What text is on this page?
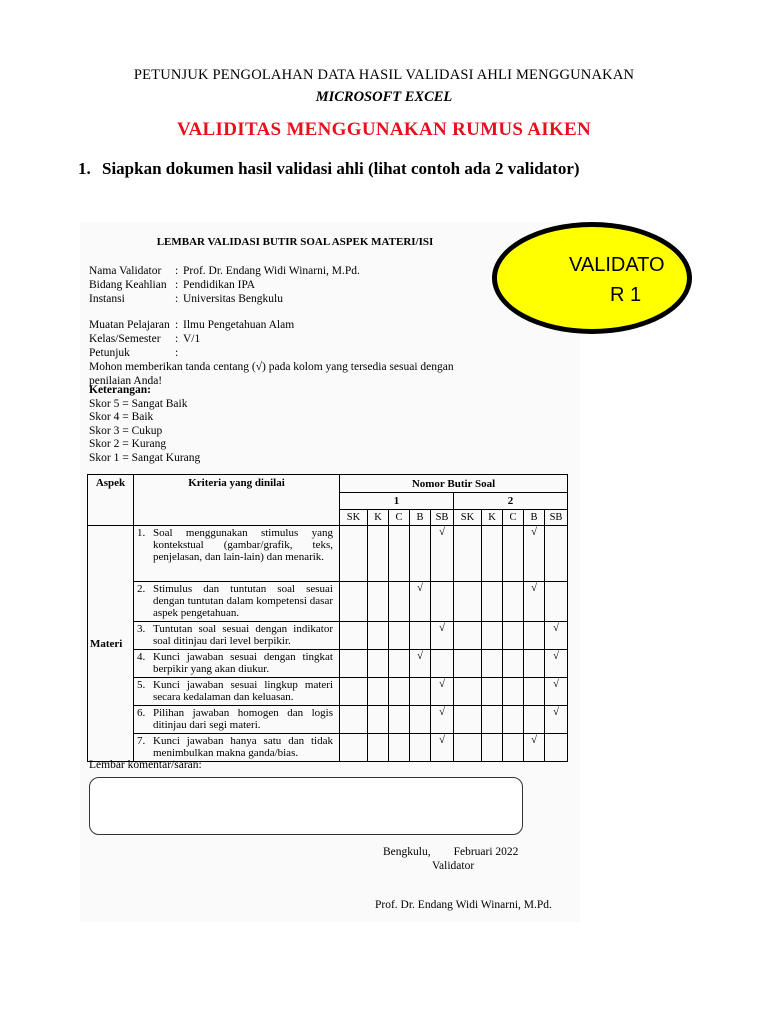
PETUNJUK PENGOLAHAN DATA HASIL VALIDASI AHLI MENGGUNAKAN
MICROSOFT EXCEL
VALIDITAS MENGGUNAKAN RUMUS AIKEN
1. Siapkan dokumen hasil validasi ahli (lihat contoh ada 2 validator)
LEMBAR VALIDASI BUTIR SOAL ASPEK MATERI/ISI
Nama Validator : Prof. Dr. Endang Widi Winarni, M.Pd.
Bidang Keahlian : Pendidikan IPA
Instansi	: Universitas Bengkulu
Muatan Pelajaran : Ilmu Pengetahuan Alam
Kelas/Semester : V/1
Petunjuk	:Mohon memberikan tanda centang (√) pada kolom yang tersedia sesuai dengan penilaian Anda!
Keterangan:
Skor 5 = Sangat Baik
Skor 4 = Baik
Skor 3 = Cukup
Skor 2 = Kurang
Skor 1 = Sangat Kurang
VALIDATO
R 1
Aspek	Kriteria yang dinilai	Nomor Butir Soal									
		1					2				
		SK	K	C	B	SB	SK	K	C	B	SB
Materi	1. Soal menggunakan stimulus yang kontekstual (gambar/grafik, teks, penjelasan, dan lain-lain) dan menarik.					√				√	
	2. Stimulus dan tuntutan soal sesuai dengan tuntutan dalam kompetensi dasar aspek pengetahuan.				√					√	
	3. Tuntutan soal sesuai dengan indikator soal ditinjau dari level berpikir.					√					√
	4. Kunci jawaban sesuai dengan tingkat berpikir yang akan diukur.				√						√
	5. Kunci jawaban sesuai lingkup materi secara kedalaman dan keluasan.					√					√
	6. Pilihan jawaban homogen dan logis ditinjau dari segi materi.					√					√
	7. Kunci jawaban hanya satu dan tidak menimbulkan makna ganda/bias.					√				√	
Lembar komentar/saran:
Bengkulu,        Februari 2022
Validator
Prof. Dr. Endang Widi Winarni, M.Pd.
